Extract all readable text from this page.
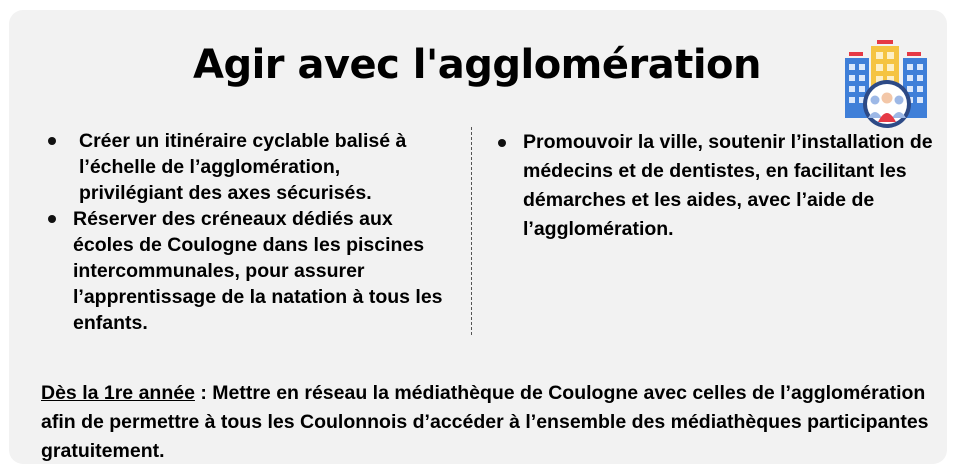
Agir avec l'agglomération
Créer un itinéraire cyclable balisé à l’échelle de l’agglomération, privilégiant des axes sécurisés.
Réserver des créneaux dédiés aux écoles de Coulogne dans les piscines intercommunales, pour assurer l’apprentissage de la natation à tous les enfants.
Promouvoir la ville, soutenir l’installation de médecins et de dentistes, en facilitant les démarches et les aides, avec l’aide de l’agglomération.

Dès la 1re année : Mettre en réseau la médiathèque de Coulogne avec celles de l’agglomération afin de permettre à tous les Coulonnois d’accéder à l’ensemble des médiathèques participantes gratuitement.
